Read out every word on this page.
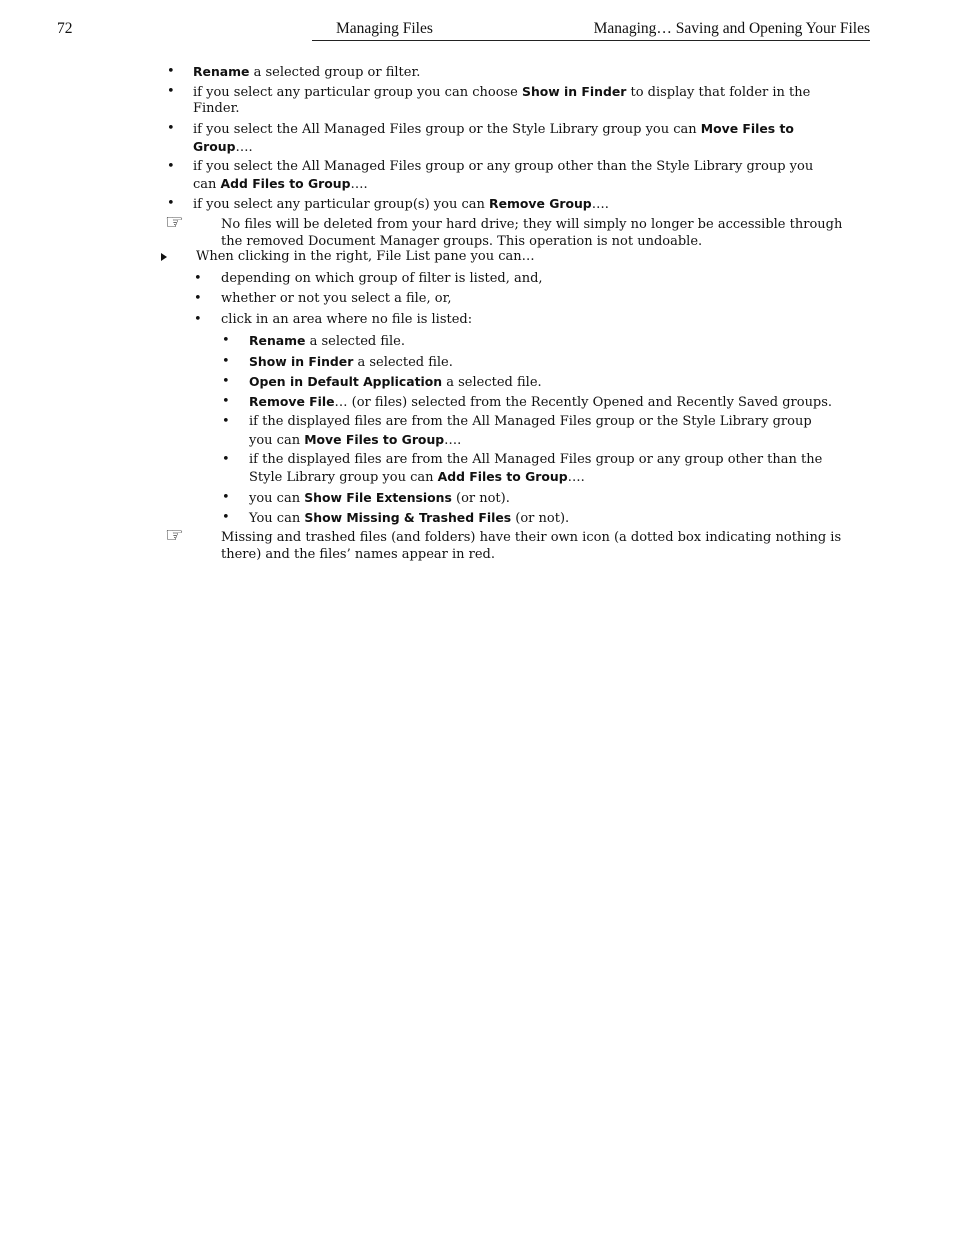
72	Managing Files	Managing… Saving and Opening Your Files
•
Rename a selected group or filter.
•
if you select any particular group you can choose Show in Finder to display that folder in the
Finder.
•
if you select the All Managed Files group or the Style Library group you can Move Files to
Group….
•
if you select the All Managed Files group or any group other than the Style Library group you
can Add Files to Group….
•
if you select any particular group(s) you can Remove Group….
☞	No files will be deleted from your hard drive; they will simply no longer be accessible through
the removed Document Manager groups. This operation is not undoable.
When clicking in the right, File List pane you can…
•
depending on which group of filter is listed, and,
•
whether or not you select a file, or,
•
click in an area where no file is listed:
•
Rename a selected file.
•
Show in Finder a selected file.
•
Open in Default Application a selected file.
•
Remove File… (or files) selected from the Recently Opened and Recently Saved groups.
•
if the displayed files are from the All Managed Files group or the Style Library group
you can Move Files to Group….
•
if the displayed files are from the All Managed Files group or any group other than the
Style Library group you can Add Files to Group….
•
you can Show File Extensions (or not).
•
You can Show Missing & Trashed Files (or not).
☞	Missing and trashed files (and folders) have their own icon (a dotted box indicating nothing is
there) and the files’ names appear in red.
